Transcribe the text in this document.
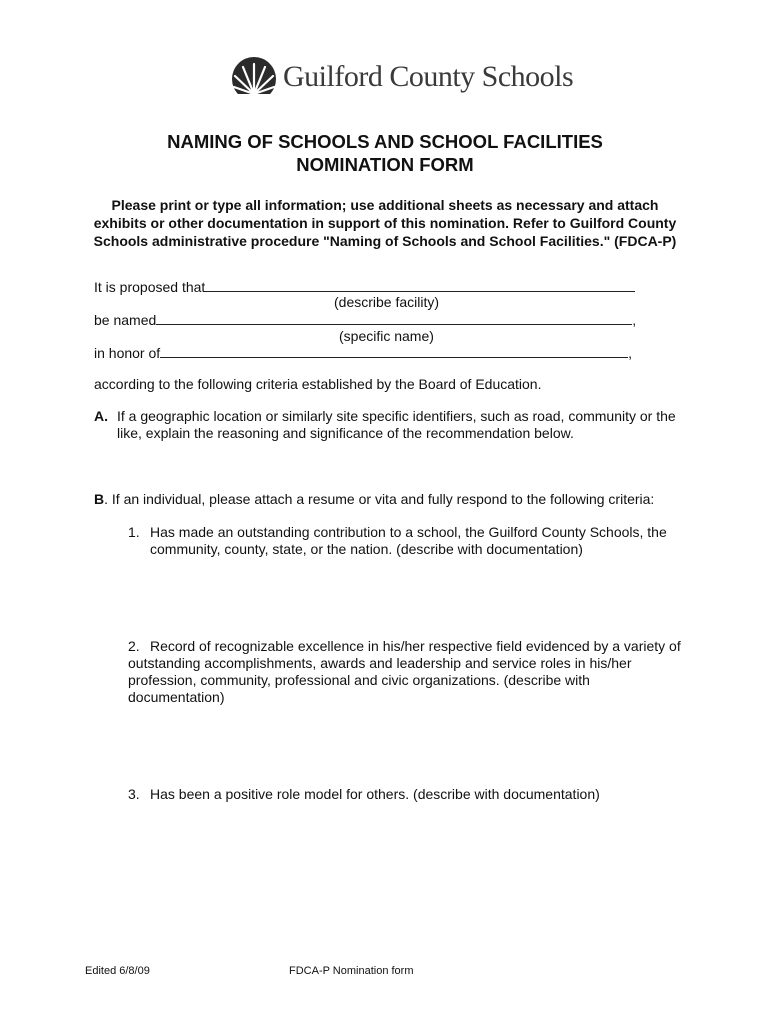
Guilford County Schools
NAMING OF SCHOOLS AND SCHOOL FACILITIES
NOMINATION FORM
Please print or type all information; use additional sheets as necessary and attach exhibits or other documentation in support of this nomination. Refer to Guilford County Schools administrative procedure "Naming of Schools and School Facilities." (FDCA-P)
It is proposed that
(describe facility)
be named	,
(specific name)
in honor of	,
according to the following criteria established by the Board of Education.
A. If a geographic location or similarly site specific identifiers, such as road, community or the like, explain the reasoning and significance of the recommendation below.
B. If an individual, please attach a resume or vita and fully respond to the following criteria:
1. Has made an outstanding contribution to a school, the Guilford County Schools, the community, county, state, or the nation. (describe with documentation)
2. Record of recognizable excellence in his/her respective field evidenced by a variety of outstanding accomplishments, awards and leadership and service roles in his/her profession, community, professional and civic organizations. (describe with documentation)
3. Has been a positive role model for others. (describe with documentation)
Edited 6/8/09	FDCA-P Nomination form
